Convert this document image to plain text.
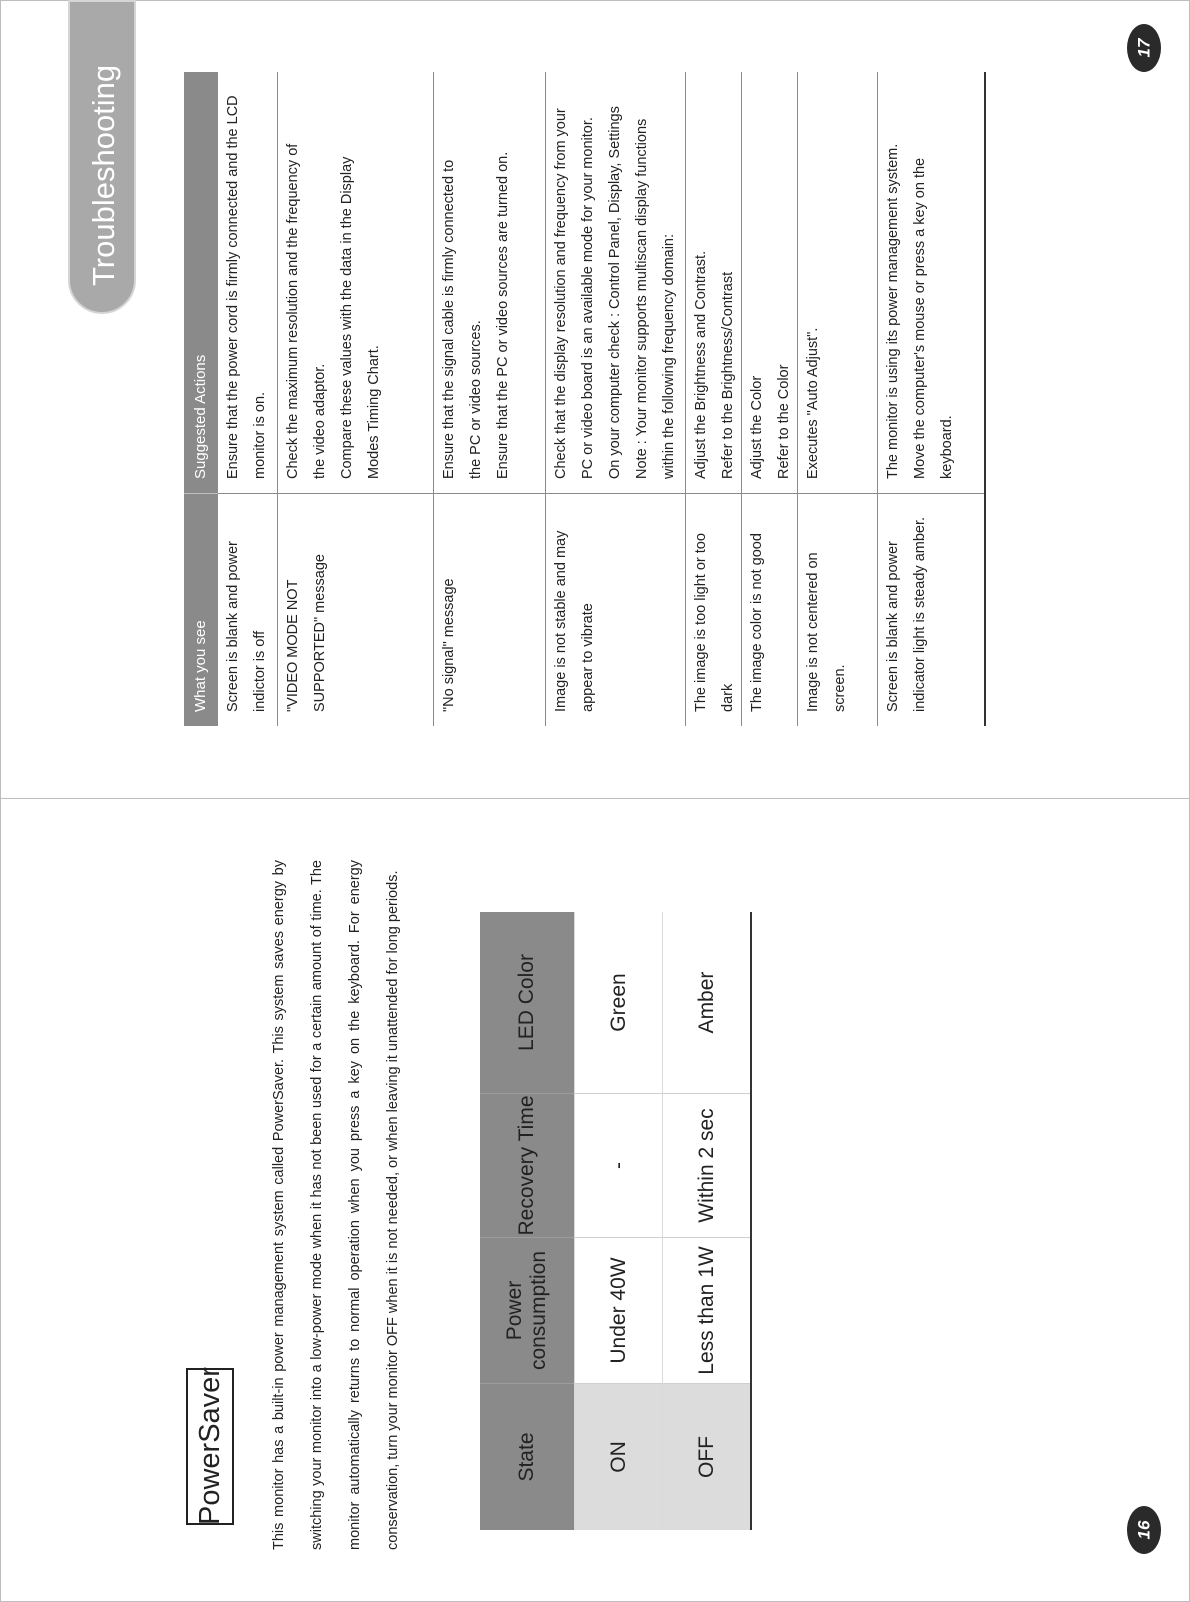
17
16
Troubleshooting
What you see
Suggested Actions
Screen is blank and power indictor is off
Ensure that the power cord is firmly connected and the LCD monitor is on.
"VIDEO MODE NOT SUPPORTED" message
Check the maximum resolution and the frequency of the video adaptor. Compare these values with the data in the Display Modes Timing Chart.
"No signal" message
Ensure that the signal cable is firmly connected to the PC or video sources. Ensure that the PC or video sources are turned on.
Image is not stable and may appear to vibrate
Check that the display resolution and frequency from your PC or video board is an available mode for your monitor. On your computer check : Control Panel, Display, Settings Note : Your monitor supports multiscan display functions within the following frequency domain:
The image is too light or too dark
Adjust the Brightness and Contrast. Refer to the Brightness/Contrast
The image color is not good
Adjust the Color Refer to the Color
Image is not centered on screen.
Executes "Auto Adjust".
Screen is blank and power indicator light is steady amber.
The monitor is using its power management system. Move the computer's mouse or press a key on the keyboard.
PowerSaver	This monitor has a built-in power management system called PowerSaver. This system saves energy by switching your monitor into a low-power mode when it has not been used for a certain amount of time. The monitor automatically returns to normal operation when you press a key on the keyboard. For energy conservation, turn your monitor OFF when it is not needed, or when leaving it unattended for long periods.	State
Power consumption
Recovery Time
LED Color
ON
Under 40W
-
Green
OFF
Less than 1W
Within 2 sec
Amber
